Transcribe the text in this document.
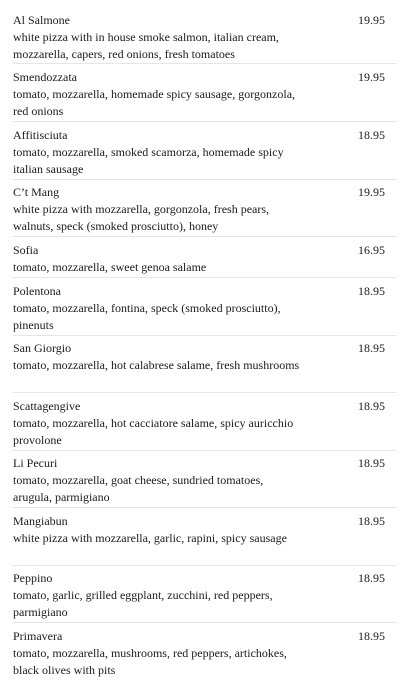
Al Salmone	19.95
white pizza with in house smoke salmon, italian cream, mozzarella, capers, red onions, fresh tomatoes
Smendozzata	19.95
tomato, mozzarella, homemade spicy sausage, gorgonzola, red onions
Affitisciuta	18.95
tomato, mozzarella, smoked scamorza, homemade spicy italian sausage
C’t Mang	19.95
white pizza with mozzarella, gorgonzola, fresh pears, walnuts, speck (smoked prosciutto), honey
Sofia	16.95
tomato, mozzarella, sweet genoa salame
Polentona	18.95
tomato, mozzarella, fontina, speck (smoked prosciutto), pinenuts
San Giorgio	18.95
tomato, mozzarella, hot calabrese salame, fresh mushrooms
Scattagengive	18.95
tomato, mozzarella, hot cacciatore salame, spicy auricchio provolone
Li Pecuri	18.95
tomato, mozzarella, goat cheese, sundried tomatoes, arugula, parmigiano
Mangiabun	18.95
white pizza with mozzarella, garlic, rapini, spicy sausage
Peppino	18.95
tomato, garlic, grilled eggplant, zucchini, red peppers, parmigiano
Primavera	18.95
tomato, mozzarella, mushrooms, red peppers, artichokes, black olives with pits
